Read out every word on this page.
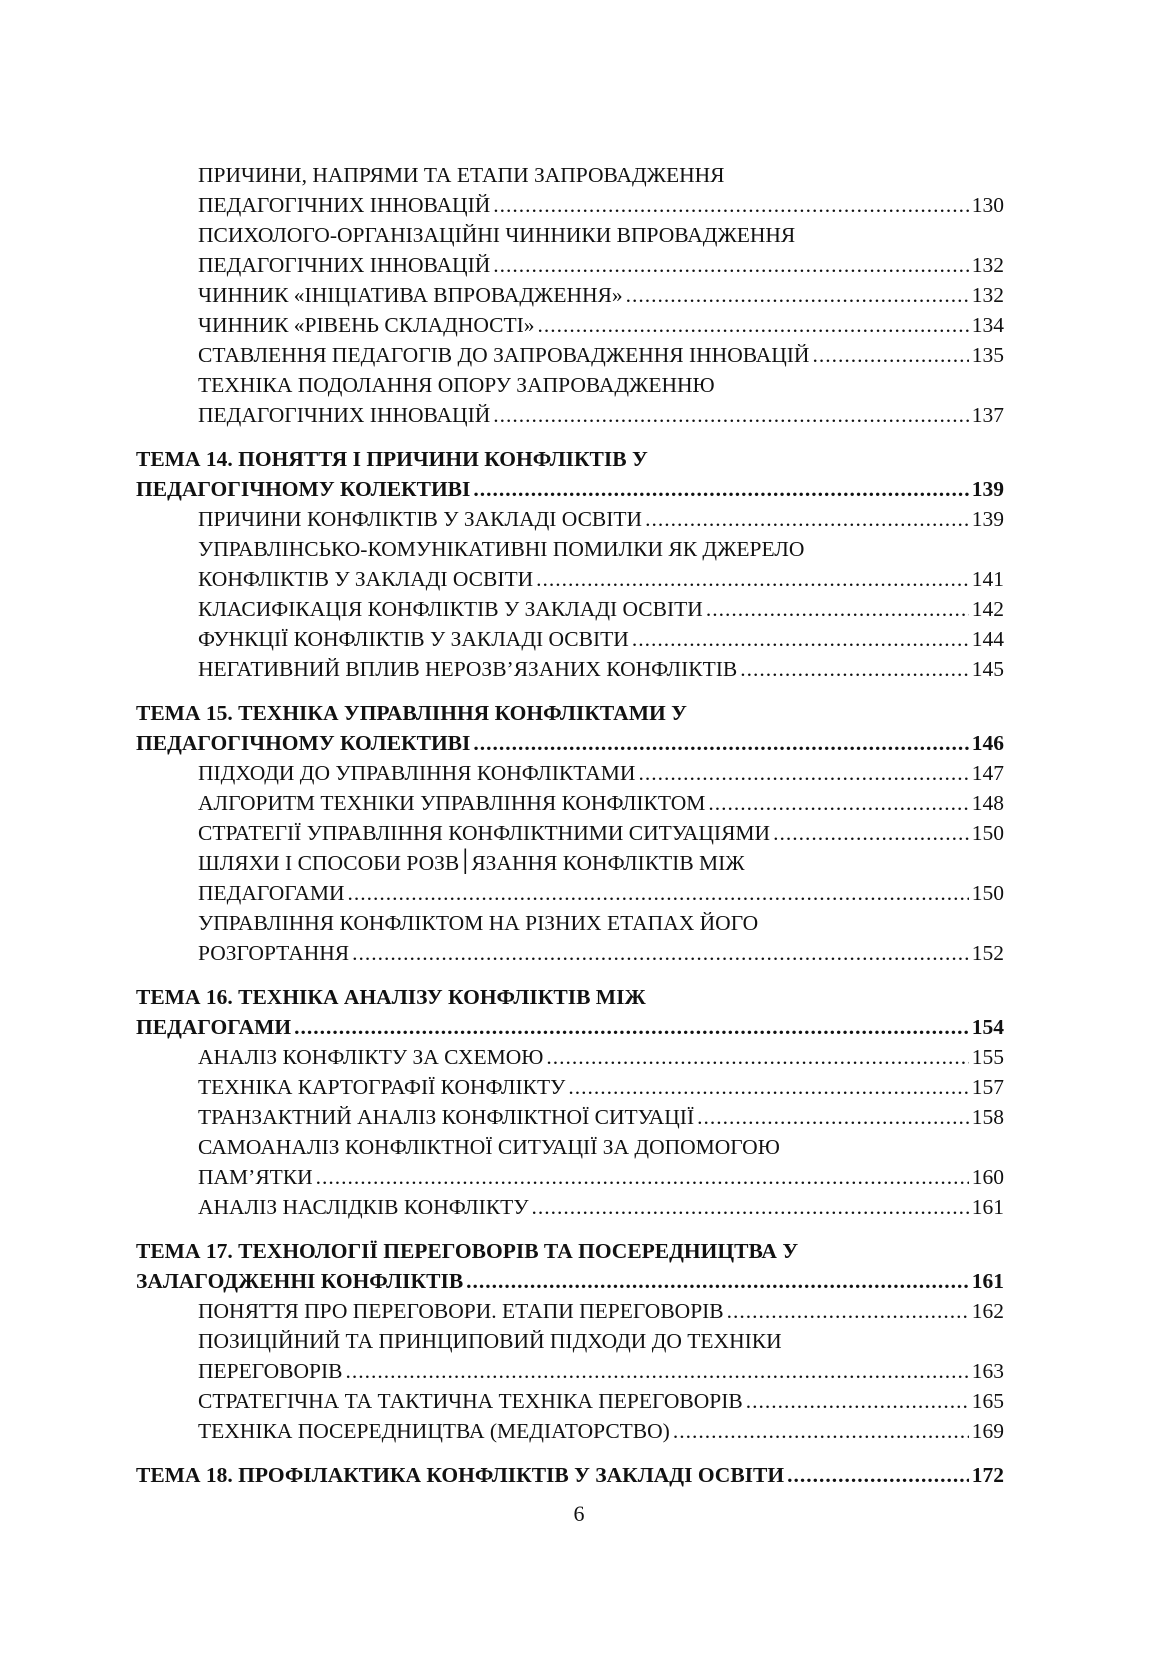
ПРИЧИНИ, НАПРЯМИ ТА ЕТАПИ ЗАПРОВАДЖЕННЯ
ПЕДАГОГІЧНИХ ІННОВАЦІЙ .....	130
ПСИХОЛОГО-ОРГАНІЗАЦІЙНІ ЧИННИКИ ВПРОВАДЖЕННЯ
ПЕДАГОГІЧНИХ ІННОВАЦІЙ .....	132
ЧИННИК «ІНІЦІАТИВА ВПРОВАДЖЕННЯ» .....	132
ЧИННИК «РІВЕНЬ СКЛАДНОСТІ» .....	134
СТАВЛЕННЯ ПЕДАГОГІВ ДО ЗАПРОВАДЖЕННЯ ІННОВАЦІЙ .....	135
ТЕХНІКА ПОДОЛАННЯ ОПОРУ ЗАПРОВАДЖЕННЮ
ПЕДАГОГІЧНИХ ІННОВАЦІЙ .....	137
ТЕМА 14. ПОНЯТТЯ І ПРИЧИНИ КОНФЛІКТІВ У
ПЕДАГОГІЧНОМУ КОЛЕКТИВІ .....	139
ПРИЧИНИ КОНФЛІКТІВ У ЗАКЛАДІ ОСВІТИ .....	139
УПРАВЛІНСЬКО-КОМУНІКАТИВНІ ПОМИЛКИ ЯК ДЖЕРЕЛО
КОНФЛІКТІВ У ЗАКЛАДІ ОСВІТИ .....	141
КЛАСИФІКАЦІЯ КОНФЛІКТІВ У ЗАКЛАДІ ОСВІТИ .....	142
ФУНКЦІЇ КОНФЛІКТІВ У ЗАКЛАДІ ОСВІТИ .....	144
НЕГАТИВНИЙ ВПЛИВ НЕРОЗВ’ЯЗАНИХ КОНФЛІКТІВ .....	145
ТЕМА 15. ТЕХНІКА УПРАВЛІННЯ КОНФЛІКТАМИ У
ПЕДАГОГІЧНОМУ КОЛЕКТИВІ .....	146
ПІДХОДИ ДО УПРАВЛІННЯ КОНФЛІКТАМИ .....	147
АЛГОРИТМ ТЕХНІКИ УПРАВЛІННЯ КОНФЛІКТОМ .....	148
СТРАТЕГІЇ УПРАВЛІННЯ КОНФЛІКТНИМИ СИТУАЦІЯМИ .....	150
ШЛЯХИ І СПОСОБИ РОЗВ׀ЯЗАННЯ КОНФЛІКТІВ МІЖ
ПЕДАГОГАМИ .....	150
УПРАВЛІННЯ КОНФЛІКТОМ НА РІЗНИХ ЕТАПАХ ЙОГО
РОЗГОРТАННЯ .....	152
ТЕМА 16. ТЕХНІКА АНАЛІЗУ КОНФЛІКТІВ МІЖ
ПЕДАГОГАМИ .....	154
АНАЛІЗ КОНФЛІКТУ ЗА СХЕМОЮ .....	155
ТЕХНІКА КАРТОГРАФІЇ КОНФЛІКТУ .....	157
ТРАНЗАКТНИЙ АНАЛІЗ КОНФЛІКТНОЇ СИТУАЦІЇ .....	158
САМОАНАЛІЗ КОНФЛІКТНОЇ СИТУАЦІЇ ЗА ДОПОМОГОЮ
ПАМ’ЯТКИ .....	160
АНАЛІЗ НАСЛІДКІВ КОНФЛІКТУ .....	161
ТЕМА 17. ТЕХНОЛОГІЇ ПЕРЕГОВОРІВ ТА ПОСЕРЕДНИЦТВА У
ЗАЛАГОДЖЕННІ КОНФЛІКТІВ .....	161
ПОНЯТТЯ ПРО ПЕРЕГОВОРИ. ЕТАПИ ПЕРЕГОВОРІВ .....	162
ПОЗИЦІЙНИЙ ТА ПРИНЦИПОВИЙ ПІДХОДИ ДО ТЕХНІКИ
ПЕРЕГОВОРІВ .....	163
СТРАТЕГІЧНА ТА ТАКТИЧНА ТЕХНІКА ПЕРЕГОВОРІВ .....	165
ТЕХНІКА ПОСЕРЕДНИЦТВА (МЕДІАТОРСТВО) .....	169
ТЕМА 18. ПРОФІЛАКТИКА КОНФЛІКТІВ У ЗАКЛАДІ ОСВІТИ .....	172
6
